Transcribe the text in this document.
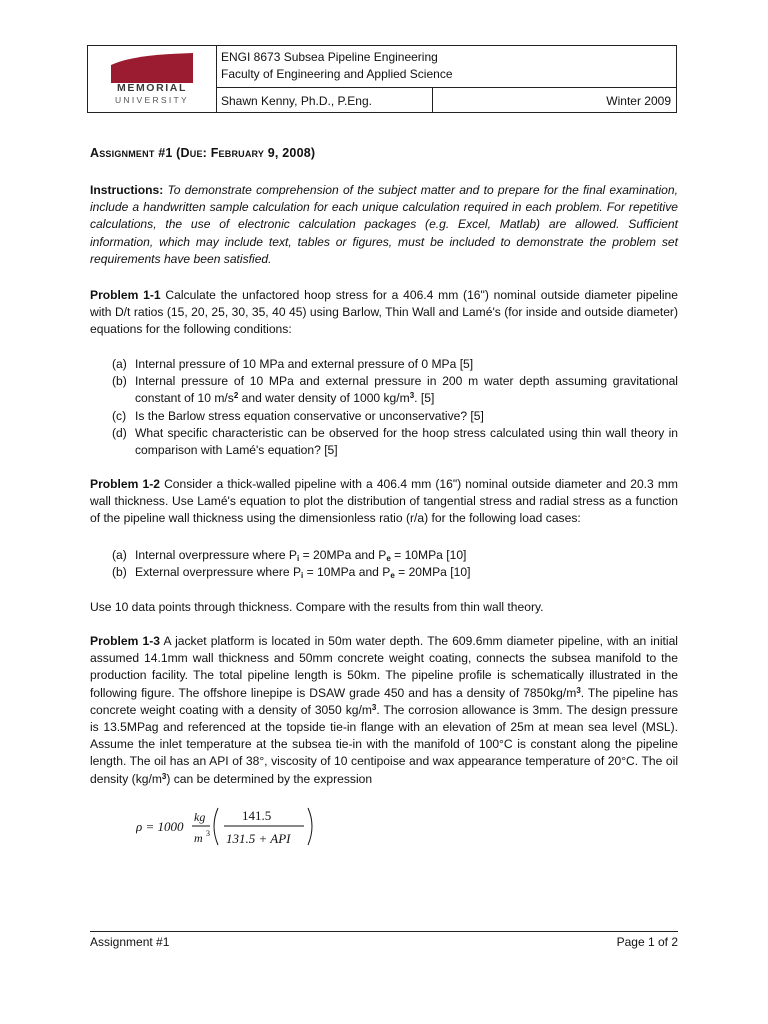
MEMORIAL
UNIVERSITY
ENGI 8673 Subsea Pipeline Engineering
Faculty of Engineering and Applied Science
Shawn Kenny, Ph.D., P.Eng.	Winter 2009
Assignment #1 (Due: February 9, 2008)
Instructions: To demonstrate comprehension of the subject matter and to prepare for the final examination, include a handwritten sample calculation for each unique calculation required in each problem. For repetitive calculations, the use of electronic calculation packages (e.g. Excel, Matlab) are allowed. Sufficient information, which may include text, tables or figures, must be included to demonstrate the problem set requirements have been satisfied.
Problem 1-1 Calculate the unfactored hoop stress for a 406.4 mm (16") nominal outside diameter pipeline with D/t ratios (15, 20, 25, 30, 35, 40 45) using Barlow, Thin Wall and Lamé's (for inside and outside diameter) equations for the following conditions:
(a) Internal pressure of 10 MPa and external pressure of 0 MPa [5]
(b) Internal pressure of 10 MPa and external pressure in 200 m water depth assuming gravitational constant of 10 $m/s^2$ and water density of 1000 $kg/m^3$. [5]
(c) Is the Barlow stress equation conservative or unconservative? [5]
(d) What specific characteristic can be observed for the hoop stress calculated using thin wall theory in comparison with Lamé's equation? [5]
Problem 1-2 Consider a thick-walled pipeline with a 406.4 mm (16") nominal outside diameter and 20.3 mm wall thickness. Use Lamé's equation to plot the distribution of tangential stress and radial stress as a function of the pipeline wall thickness using the dimensionless ratio (r/a) for the following load cases:
(a) Internal overpressure where $P_i = 20MPa$ and $P_e = 10MPa$ [10]
(b) External overpressure where $P_i = 10MPa$ and $P_e = 20MPa$ [10]
Use 10 data points through thickness. Compare with the results from thin wall theory.
Problem 1-3 A jacket platform is located in 50m water depth. The 609.6mm diameter pipeline, with an initial assumed 14.1mm wall thickness and 50mm concrete weight coating, connects the subsea manifold to the production facility. The total pipeline length is 50km. The pipeline profile is schematically illustrated in the following figure. The offshore linepipe is DSAW grade 450 and has a density of $7850kg/m^3$. The pipeline has concrete weight coating with a density of 3050 $kg/m^3$. The corrosion allowance is 3mm. The design pressure is 13.5MPag and referenced at the topside tie-in flange with an elevation of 25m at mean sea level (MSL). Assume the inlet temperature at the subsea tie-in with the manifold of 100°C is constant along the pipeline length. The oil has an API of 38°, viscosity of 10 centipoise and wax appearance temperature of 20°C. The oil density $(kg/m^3)$ can be determined by the expression
ρ = 1000
kg
m 3
141.5
131.5 + API
Assignment #1	Page 1 of 2
